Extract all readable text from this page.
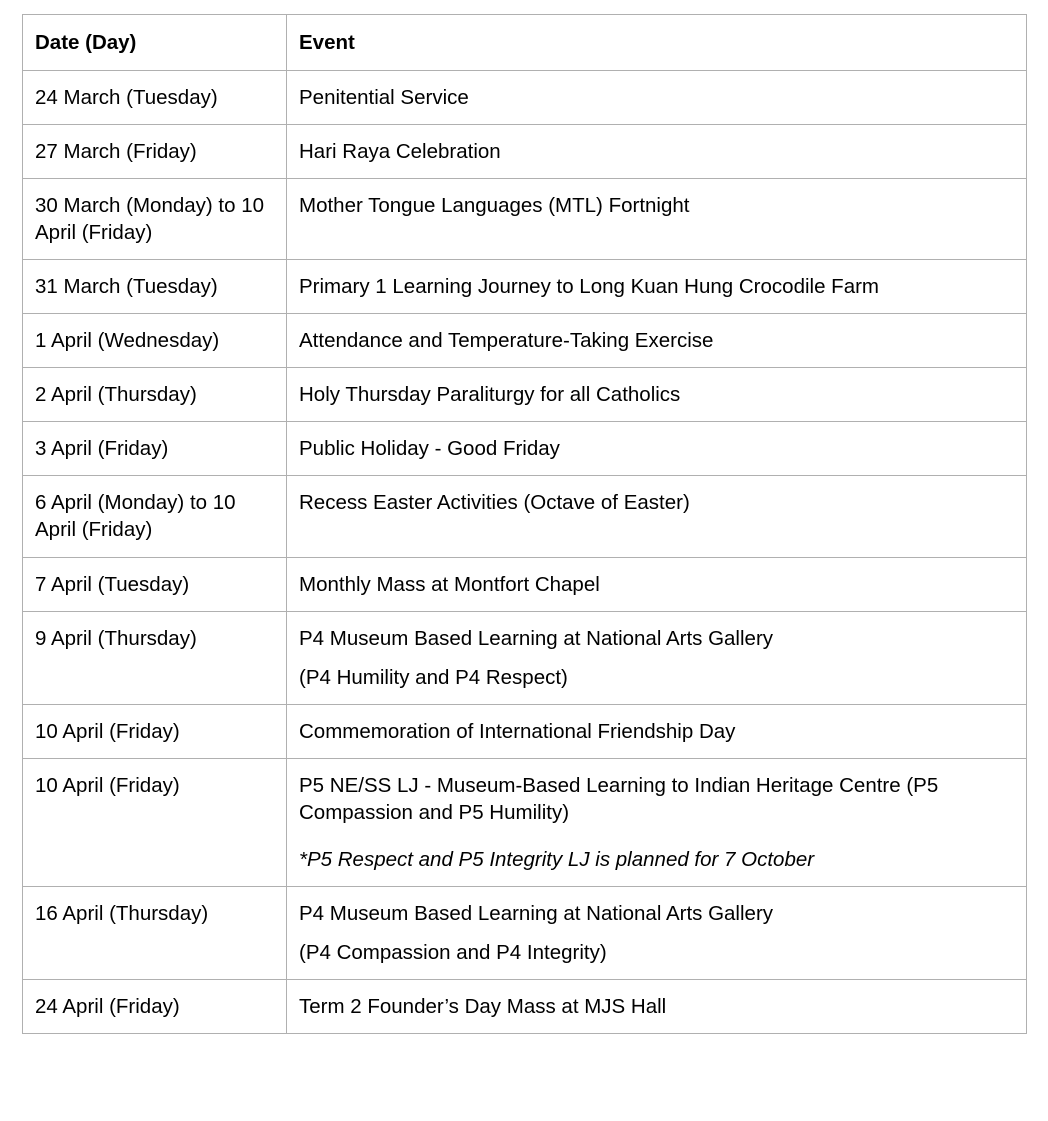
Date (Day)	Event
24 March (Tuesday)	Penitential Service

27 March (Friday)	Hari Raya Celebration

30 March (Monday) to 10 April (Friday)	Mother Tongue Languages (MTL) Fortnight

31 March (Tuesday)	Primary 1 Learning Journey to Long Kuan Hung Crocodile Farm

1 April (Wednesday)	Attendance and Temperature-Taking Exercise

2 April (Thursday)	Holy Thursday Paraliturgy for all Catholics

3 April (Friday)	Public Holiday - Good Friday

6 April (Monday) to 10 April (Friday)	Recess Easter Activities (Octave of Easter)

7 April (Tuesday)	Monthly Mass at Montfort Chapel

9 April (Thursday)	P4 Museum Based Learning at National Arts Gallery
(P4 Humility and P4 Respect)

10 April (Friday)	Commemoration of International Friendship Day

10 April (Friday)	P5 NE/SS LJ - Museum-Based Learning to Indian Heritage Centre (P5 Compassion and P5 Humility)
*P5 Respect and P5 Integrity LJ is planned for 7 October

16 April (Thursday)	P4 Museum Based Learning at National Arts Gallery
(P4 Compassion and P4 Integrity)

24 April (Friday)	Term 2 Founder’s Day Mass at MJS Hall
